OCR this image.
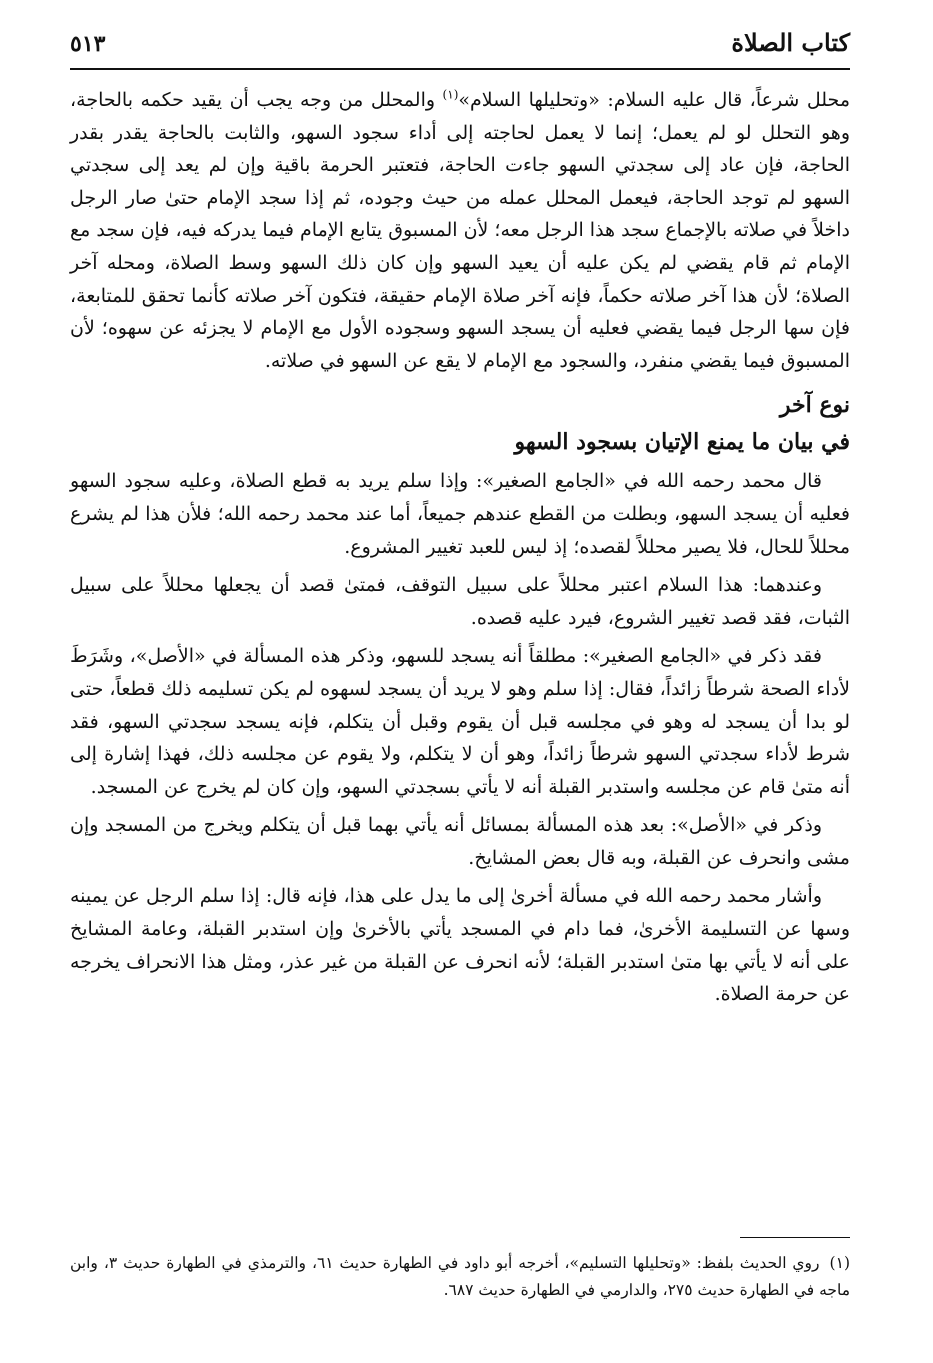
كتاب الصلاة
٥١٣

محلل شرعاً، قال عليه السلام: «وتحليلها السلام»$^{(١)}$ والمحلل من وجه يجب أن يقيد حكمه بالحاجة، وهو التحلل لو لم يعمل؛ إنما لا يعمل لحاجته إلى أداء سجود السهو، والثابت بالحاجة يقدر بقدر الحاجة، فإن عاد إلى سجدتي السهو جاءت الحاجة، فتعتبر الحرمة باقية وإن لم يعد إلى سجدتي السهو لم توجد الحاجة، فيعمل المحلل عمله من حيث وجوده، ثم إذا سجد الإمام حتىٰ صار الرجل داخلاً في صلاته بالإجماع سجد هذا الرجل معه؛ لأن المسبوق يتابع الإمام فيما يدركه فيه، فإن سجد مع الإمام ثم قام يقضي لم يكن عليه أن يعيد السهو وإن كان ذلك السهو وسط الصلاة، ومحله آخر الصلاة؛ لأن هذا آخر صلاته حكماً، فإنه آخر صلاة الإمام حقيقة، فتكون آخر صلاته كأنما تحقق للمتابعة، فإن سها الرجل فيما يقضي فعليه أن يسجد السهو وسجوده الأول مع الإمام لا يجزئه عن سهوه؛ لأن المسبوق فيما يقضي منفرد، والسجود مع الإمام لا يقع عن السهو في صلاته.

نوع آخر
في بيان ما يمنع الإتيان بسجود السهو

قال محمد رحمه الله في «الجامع الصغير»: وإذا سلم يريد به قطع الصلاة، وعليه سجود السهو فعليه أن يسجد السهو، وبطلت من القطع عندهم جميعاً، أما عند محمد رحمه الله؛ فلأن هذا لم يشرع محللاً للحال، فلا يصير محللاً لقصده؛ إذ ليس للعبد تغيير المشروع.

وعندهما: هذا السلام اعتبر محللاً على سبيل التوقف، فمتىٰ قصد أن يجعلها محللاً على سبيل الثبات، فقد قصد تغيير الشروع، فيرد عليه قصده.

فقد ذكر في «الجامع الصغير»: مطلقاً أنه يسجد للسهو، وذكر هذه المسألة في «الأصل»، وشَرَطَ لأداء الصحة شرطاً زائداً، فقال: إذا سلم وهو لا يريد أن يسجد لسهوه لم يكن تسليمه ذلك قطعاً، حتى لو بدا أن يسجد له وهو في مجلسه قبل أن يقوم وقبل أن يتكلم، فإنه يسجد سجدتي السهو، فقد شرط لأداء سجدتي السهو شرطاً زائداً، وهو أن لا يتكلم، ولا يقوم عن مجلسه ذلك، فهذا إشارة إلى أنه متىٰ قام عن مجلسه واستدبر القبلة أنه لا يأتي بسجدتي السهو، وإن كان لم يخرج عن المسجد.

وذكر في «الأصل»: بعد هذه المسألة بمسائل أنه يأتي بهما قبل أن يتكلم ويخرج من المسجد وإن مشى وانحرف عن القبلة، وبه قال بعض المشايخ.

وأشار محمد رحمه الله في مسألة أخرىٰ إلى ما يدل على هذا، فإنه قال: إذا سلم الرجل عن يمينه وسها عن التسليمة الأخرىٰ، فما دام في المسجد يأتي بالأخرىٰ وإن استدبر القبلة، وعامة المشايخ على أنه لا يأتي بها متىٰ استدبر القبلة؛ لأنه انحرف عن القبلة من غير عذر، ومثل هذا الانحراف يخرجه عن حرمة الصلاة.

(١)روي الحديث بلفظ: «وتحليلها التسليم»، أخرجه أبو داود في الطهارة حديث ٦١، والترمذي في الطهارة حديث ٣، وابن ماجه في الطهارة حديث ٢٧٥، والدارمي في الطهارة حديث ٦٨٧.
